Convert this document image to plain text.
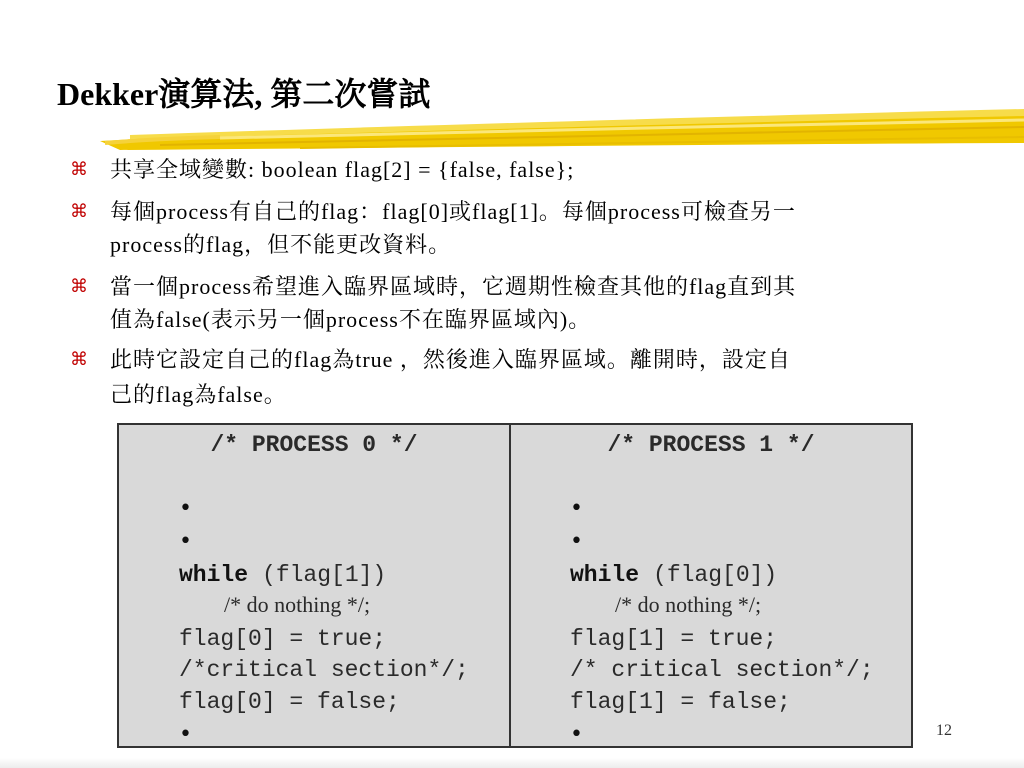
Dekker演算法, 第二次嘗試
⌘ 共享全域變數: boolean flag[2] = {false, false};
⌘ 每個process有自己的flag：flag[0]或flag[1]。每個process可檢查另一
process的flag，但不能更改資料。
⌘ 當一個process希望進入臨界區域時，它週期性檢查其他的flag直到其
值為false(表示另一個process不在臨界區域內)。
⌘ 此時它設定自己的flag為true ，然後進入臨界區域。離開時，設定自
己的flag為false。
/* PROCESS 0 */
•
•
while (flag[1])
/* do nothing */;
flag[0] = true;
/*critical section*/;
flag[0] = false;
•
/* PROCESS 1 */
•
•
while (flag[0])
/* do nothing */;
flag[1] = true;
/* critical section*/;
flag[1] = false;
•	12
